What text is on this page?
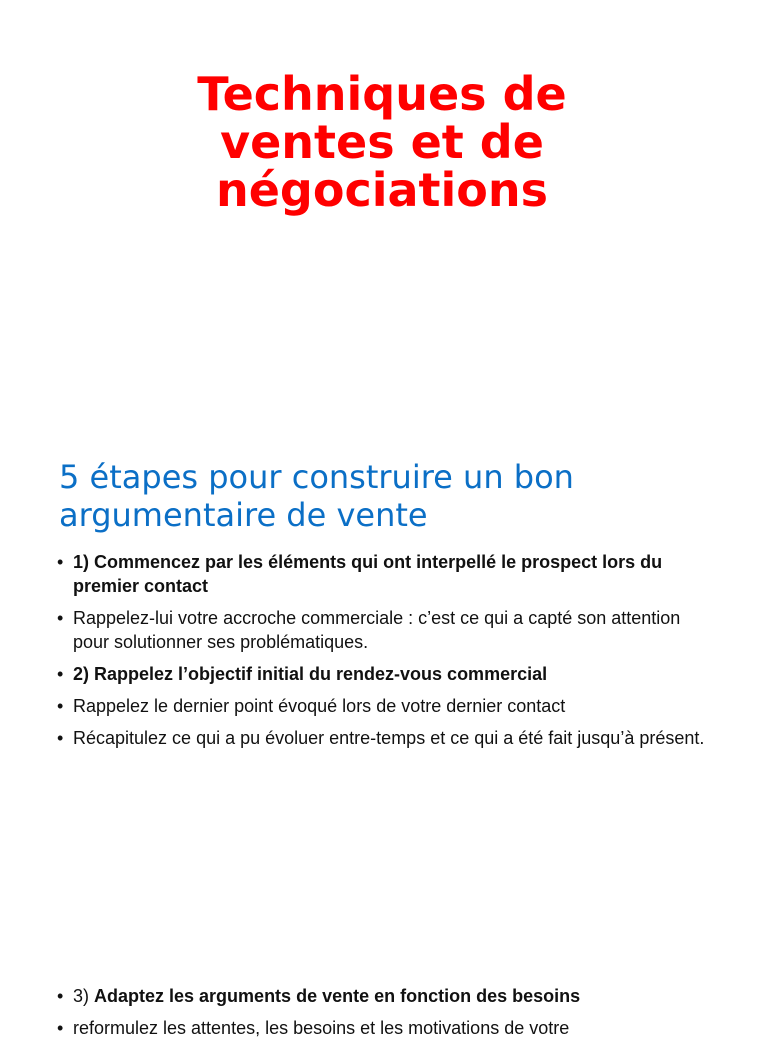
Techniques de
ventes et de
négociations
5 étapes pour construire un bon
argumentaire de vente
• 1) Commencez par les éléments qui ont interpellé le prospect lors du premier contact
• Rappelez-lui votre accroche commerciale : c’est ce qui a capté son attention pour solutionner ses problématiques.
• 2) Rappelez l’objectif initial du rendez-vous commercial
• Rappelez le dernier point évoqué lors de votre dernier contact
• Récapitulez ce qui a pu évoluer entre-temps et ce qui a été fait jusqu’à présent.
• 3) Adaptez les arguments de vente en fonction des besoins
• reformulez les attentes, les besoins et les motivations de votre
